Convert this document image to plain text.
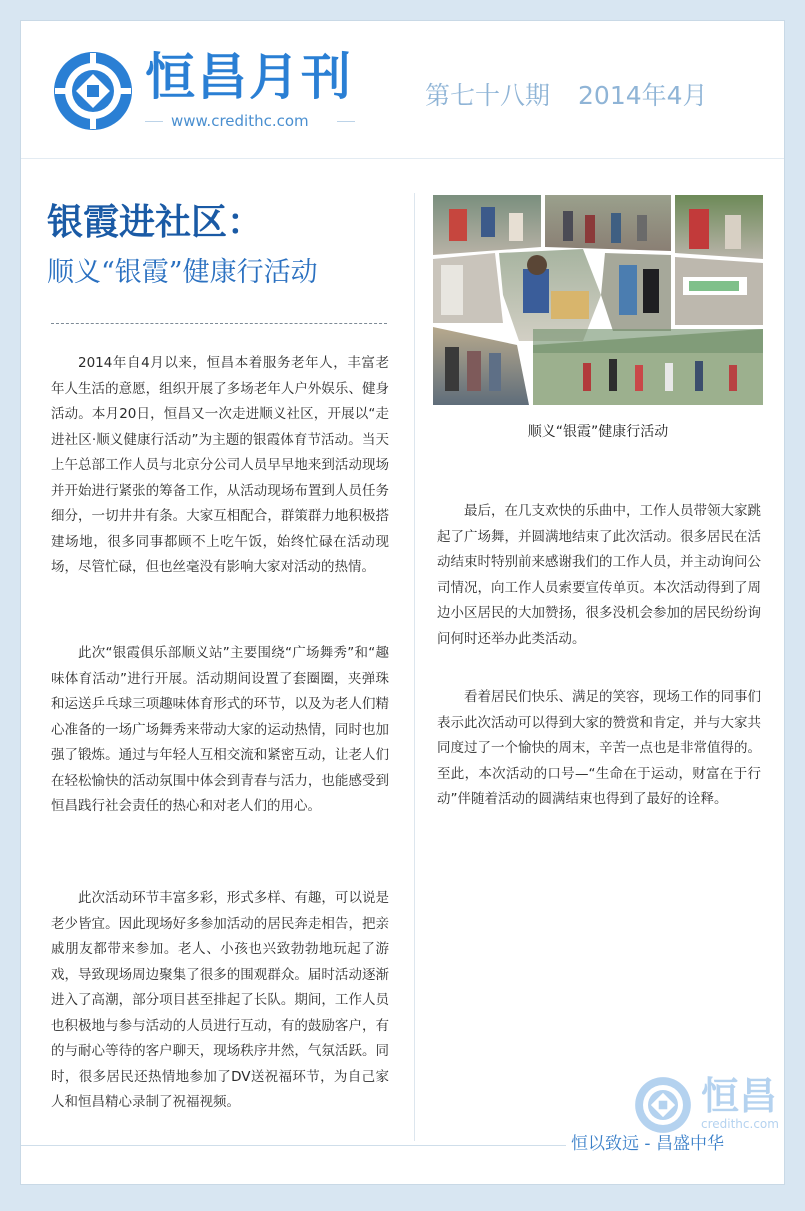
恒昌月刊
www.credithc.com
第七十八期 2014年4月
银霞进社区：
顺义“银霞”健康行活动

2014年自4月以来，恒昌本着服务老年人，丰富老年人生活的意愿，组织开展了多场老年人户外娱乐、健身活动。本月20日，恒昌又一次走进顺义社区，开展以“走进社区·顺义健康行活动”为主题的银霞体育节活动。当天上午总部工作人员与北京分公司人员早早地来到活动现场并开始进行紧张的筹备工作，从活动现场布置到人员任务细分，一切井井有条。大家互相配合，群策群力地积极搭建场地，很多同事都顾不上吃午饭，始终忙碌在活动现场，尽管忙碌，但也丝毫没有影响大家对活动的热情。

此次“银霞俱乐部顺义站”主要围绕“广场舞秀”和“趣味体育活动”进行开展。活动期间设置了套圈圈，夹弹珠和运送乒乓球三项趣味体育形式的环节，以及为老人们精心准备的一场广场舞秀来带动大家的运动热情，同时也加强了锻炼。通过与年轻人互相交流和紧密互动，让老人们在轻松愉快的活动氛围中体会到青春与活力，也能感受到恒昌践行社会责任的热心和对老人们的用心。

此次活动环节丰富多彩，形式多样、有趣，可以说是老少皆宜。因此现场好多参加活动的居民奔走相告，把亲戚朋友都带来参加。老人、小孩也兴致勃勃地玩起了游戏，导致现场周边聚集了很多的围观群众。届时活动逐渐进入了高潮，部分项目甚至排起了长队。期间，工作人员也积极地与参与活动的人员进行互动，有的鼓励客户，有的与耐心等待的客户聊天，现场秩序井然，气氛活跃。同时，很多居民还热情地参加了DV送祝福环节，为自己家人和恒昌精心录制了祝福视频。

顺义“银霞”健康行活动

最后，在几支欢快的乐曲中，工作人员带领大家跳起了广场舞，并圆满地结束了此次活动。很多居民在活动结束时特别前来感谢我们的工作人员，并主动询问公司情况，向工作人员索要宣传单页。本次活动得到了周边小区居民的大加赞扬，很多没机会参加的居民纷纷询问何时还举办此类活动。

看着居民们快乐、满足的笑容，现场工作的同事们表示此次活动可以得到大家的赞赏和肯定，并与大家共同度过了一个愉快的周末，辛苦一点也是非常值得的。至此，本次活动的口号—“生命在于运动，财富在于行动”伴随着活动的圆满结束也得到了最好的诠释。

恒昌
credithc.com
恒以致远 - 昌盛中华
